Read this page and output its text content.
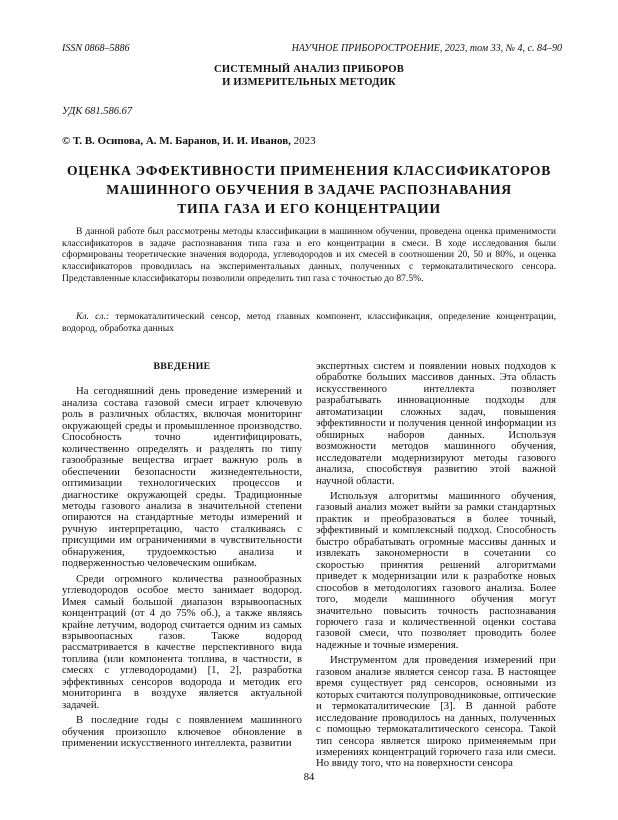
ISSN 0868–5886	НАУЧНОЕ ПРИБОРОСТРОЕНИЕ, 2023, том 33, № 4, c. 84–90
СИСТЕМНЫЙ АНАЛИЗ ПРИБОРОВ
И ИЗМЕРИТЕЛЬНЫХ МЕТОДИК
УДК 681.586.67
© Т. В. Осипова, А. М. Баранов, И. И. Иванов, 2023
ОЦЕНКА ЭФФЕКТИВНОСТИ ПРИМЕНЕНИЯ КЛАССИФИКАТОРОВ
МАШИННОГО ОБУЧЕНИЯ В ЗАДАЧЕ РАСПОЗНАВАНИЯ
ТИПА ГАЗА И ЕГО КОНЦЕНТРАЦИИ

В данной работе был рассмотрены методы классификации в машинном обучении, проведена оценка применимости классификаторов в задаче распознавания типа газа и его концентрации в смеси. В ходе исследования были сформированы теоретические значения водорода, углеводородов и их смесей в соотношении 20, 50 и 80%, и оценка классификаторов проводилась на экспериментальных данных, полученных с термокаталитического сенсора. Представленные классификаторы позволили определить тип газа с точностью до 87.5%.

Кл. сл.: термокаталитический сенсор, метод главных компонент, классификация, определение концентрации, водород, обработка данных

ВВЕДЕНИЕ

На сегодняшний день проведение измерений и анализа состава газовой смеси играет ключевую роль в различных областях, включая мониторинг окружающей среды и промышленное производство. Способность точно идентифицировать, количественно определять и разделять по типу газообразные вещества играет важную роль в обеспечении безопасности жизнедеятельности, оптимизации технологических процессов и диагностике окружающей среды. Традиционные методы газового анализа в значительной степени опираются на стандартные методы измерений и ручную интерпретацию, часто сталкиваясь с присущими им ограничениями в чувствительности обнаружения, трудоемкостью анализа и подверженностью человеческим ошибкам.

Среди огромного количества разнообразных углеводородов особое место занимает водород. Имея самый большой диапазон взрывоопасных концентраций (от 4 до 75% об.), а также являясь крайне летучим, водород считается одним из самых взрывоопасных газов. Также водород рассматривается в качестве перспективного вида топлива (или компонента топлива, в частности, в смесях с углеводородами) [1, 2], разработка эффективных сенсоров водорода и методик его мониторинга в воздухе является актуальной задачей.

В последние годы с появлением машинного обучения произошло ключевое обновление в применении искусственного интеллекта, развитии

экспертных систем и появлении новых подходов к обработке больших массивов данных. Эта область искусственного интеллекта позволяет разрабатывать инновационные подходы для автоматизации сложных задач, повышения эффективности и получения ценной информации из обширных наборов данных. Используя возможности методов машинного обучения, исследователи модернизируют методы газового анализа, способствуя развитию этой важной научной области.

Используя алгоритмы машинного обучения, газовый анализ может выйти за рамки стандартных практик и преобразоваться в более точный, эффективный и комплексный подход. Способность быстро обрабатывать огромные массивы данных и извлекать закономерности в сочетании со скоростью принятия решений алгоритмами приведет к модернизации или к разработке новых способов в методологиях газового анализа. Более того, модели машинного обучения могут значительно повысить точность распознавания горючего газа и количественной оценки состава газовой смеси, что позволяет проводить более надежные и точные измерения.

Инструментом для проведения измерений при газовом анализе является сенсор газа. В настоящее время существует ряд сенсоров, основными из которых считаются полупроводниковые, оптические и термокаталитические [3]. В данной работе исследование проводилось на данных, полученных с помощью термокаталитического сенсора. Такой тип сенсора является широко применяемым при измерениях концентраций горючего газа или смеси. Но ввиду того, что на поверхности сенсора

84
